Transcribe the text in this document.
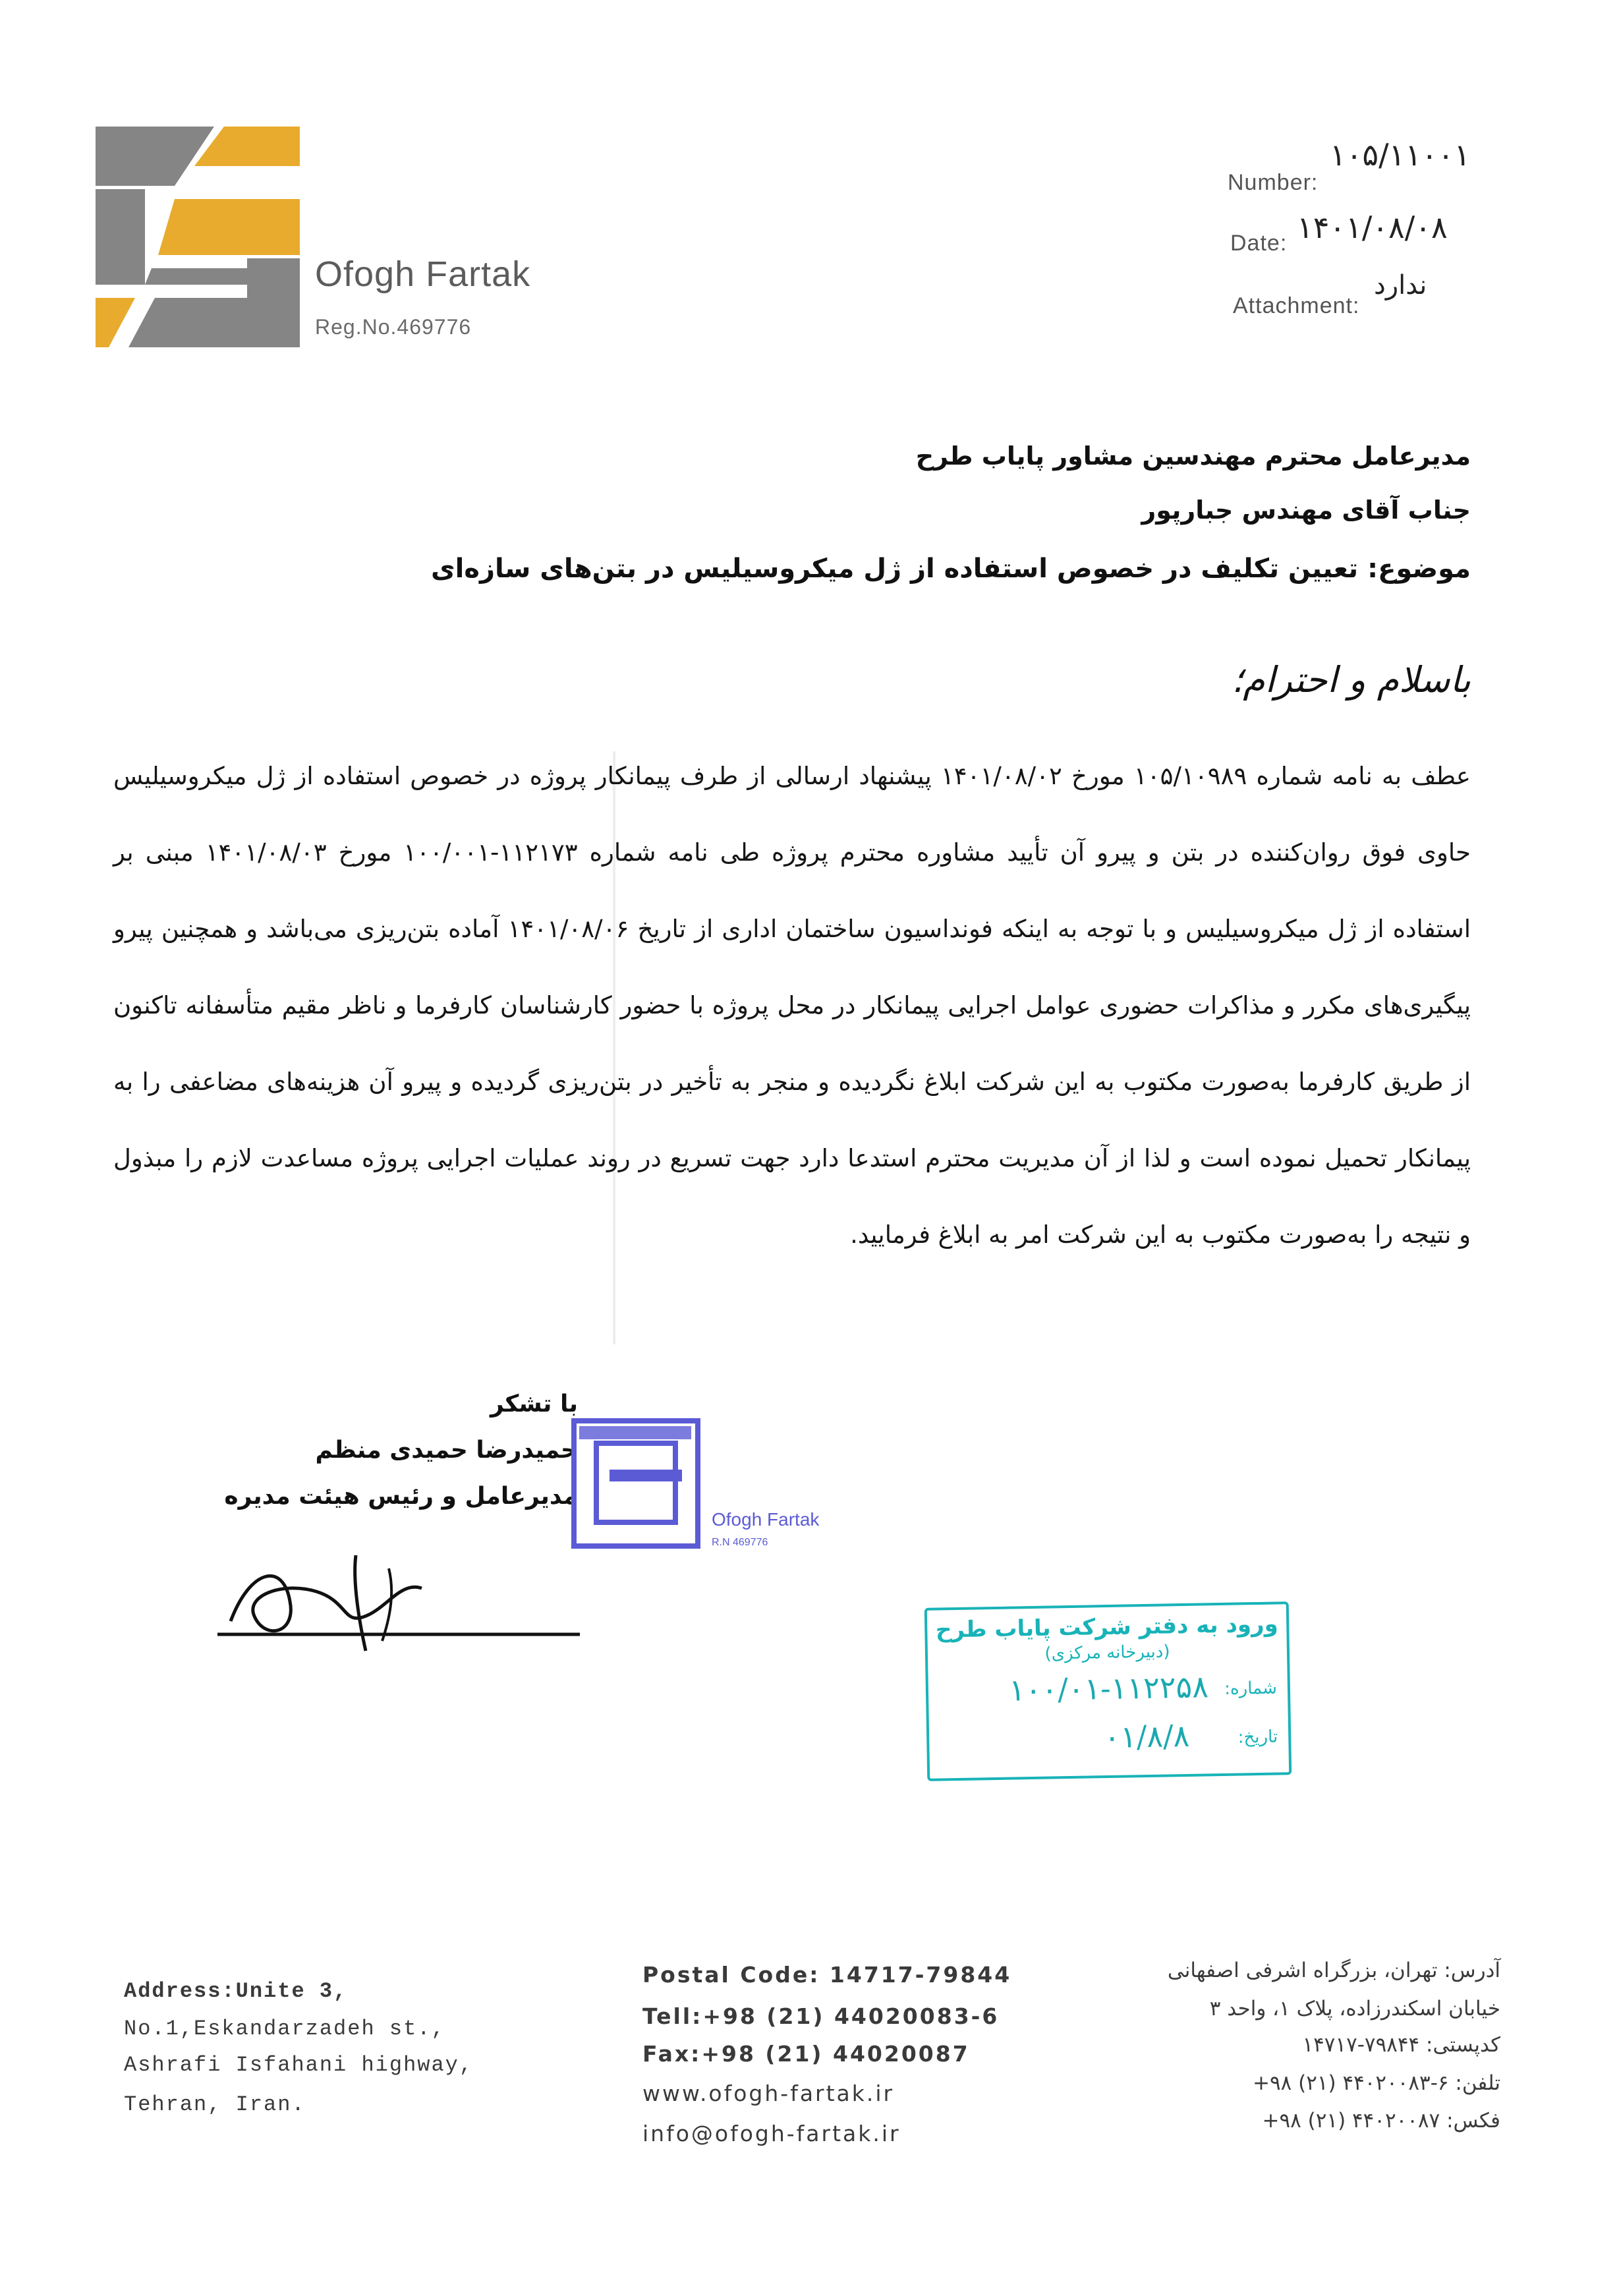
Ofogh Fartak
Reg.No.469776
Number:
۱۰۵/۱۱۰۰۱
Date: ۱۴۰۱/۰۸/۰۸
Attachment:
ندارد
مدیرعامل محترم مهندسین مشاور پایاب طرح
جناب آقای مهندس جبارپور
موضوع: تعیین تکلیف در خصوص استفاده از ژل میکروسیلیس در بتن‌های سازه‌ای
باسلام و احترام؛
عطف به نامه شماره ۱۰۵/۱۰۹۸۹ مورخ ۱۴۰۱/۰۸/۰۲ پیشنهاد ارسالی از طرف پیمانکار پروژه در خصوص استفاده از ژل میکروسیلیس حاوی فوق روان‌کننده در بتن و پیرو آن تأیید مشاوره محترم پروژه طی نامه شماره ۱۱۲۱۷۳-۱۰۰/۰۰۱ مورخ ۱۴۰۱/۰۸/۰۳ مبنی بر استفاده از ژل میکروسیلیس و با توجه به اینکه فونداسیون ساختمان اداری از تاریخ ۱۴۰۱/۰۸/۰۶ آماده بتن‌ریزی می‌باشد و همچنین پیرو پیگیری‌های مکرر و مذاکرات حضوری عوامل اجرایی پیمانکار در محل پروژه با حضور کارشناسان کارفرما و ناظر مقیم متأسفانه تاکنون از طریق کارفرما به‌صورت مکتوب به این شرکت ابلاغ نگردیده و منجر به تأخیر در بتن‌ریزی گردیده و پیرو آن هزینه‌های مضاعفی را به پیمانکار تحمیل نموده است و لذا از آن مدیریت محترم استدعا دارد جهت تسریع در روند عملیات اجرایی پروژه مساعدت لازم را مبذول و نتیجه را به‌صورت مکتوب به این شرکت امر به ابلاغ فرمایید.
با تشکر
حمیدرضا حمیدی منظم
مدیرعامل و رئیس هیئت مدیره
Ofogh Fartak
R.N 469776
ورود به دفتر شرکت پایاب طرح
(دبیرخانه مرکزی)
شماره:
۱۰۰/۰۱-۱۱۲۲۵۸
تاریخ:
۰۱/۸/۸
Address:Unite 3,
No.1,Eskandarzadeh st.,
Ashrafi Isfahani highway,
Tehran, Iran.
Postal Code: 14717-79844
Tell:+98 (21) 44020083-6
Fax:+98 (21) 44020087
www.ofogh-fartak.ir
info@ofogh-fartak.ir
آدرس: تهران، بزرگراه اشرفی اصفهانی
خیابان اسکندرزاده، پلاک ۱، واحد ۳
کدپستی: ۷۹۸۴۴-۱۴۷۱۷
تلفن: ۶-۴۴۰۲۰۰۸۳ (۲۱) ۹۸+
فکس: ۴۴۰۲۰۰۸۷ (۲۱) ۹۸+
